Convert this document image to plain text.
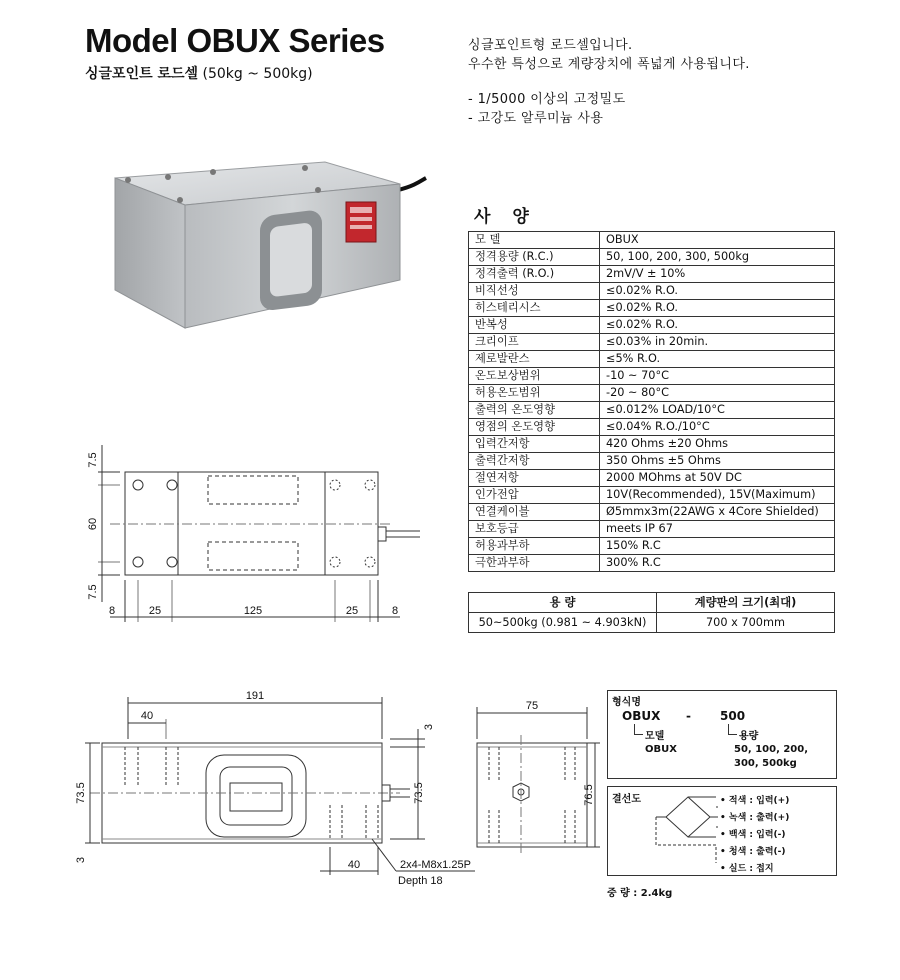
Model OBUX Series
싱글포인트 로드셀 (50kg ~ 500kg)
싱글포인트형 로드셀입니다.
우수한 특성으로 계량장치에 폭넓게 사용됩니다.
- 1/5000 이상의 고정밀도
- 고강도 알루미늄 사용
사 양
모 델	OBUX
정격용량 (R.C.)	50, 100, 200, 300, 500kg
정격출력 (R.O.)	2mV/V ± 10%
비직선성	≤0.02% R.O.
히스테리시스	≤0.02% R.O.
반복성	≤0.02% R.O.
크리이프	≤0.03% in 20min.
제로발란스	≤5% R.O.
온도보상범위	-10 ~ 70°C
허용온도범위	-20 ~ 80°C
출력의 온도영향	≤0.012% LOAD/10°C
영점의 온도영향	≤0.04% R.O./10°C
입력간저항	420 Ohms ±20 Ohms
출력간저항	350 Ohms ±5 Ohms
절연저항	2000 MOhms at 50V DC
인가전압	10V(Recommended), 15V(Maximum)
연결케이블	Ø5mmx3m(22AWG x 4Core Shielded)
보호등급	meets IP 67
허용과부하	150% R.C
극한과부하	300% R.C
용 량	계량판의 크기(최대)
50~500kg (0.981 ~ 4.903kN)	700 x 700mm
7.5
60
7.5
8	25	125	25	8
191
40
73.5
3
3
73.5
40	2x4-M8x1.25P
Depth 18
75
76.5
형식명
OBUX - 500
모델	용량
OBUX	50, 100, 200,
300, 500kg
결선도	• 적색 : 입력(+)
• 녹색 : 출력(+)
• 백색 : 입력(-)
• 청색 : 출력(-)
• 실드 : 접지
중 량 : 2.4kg
